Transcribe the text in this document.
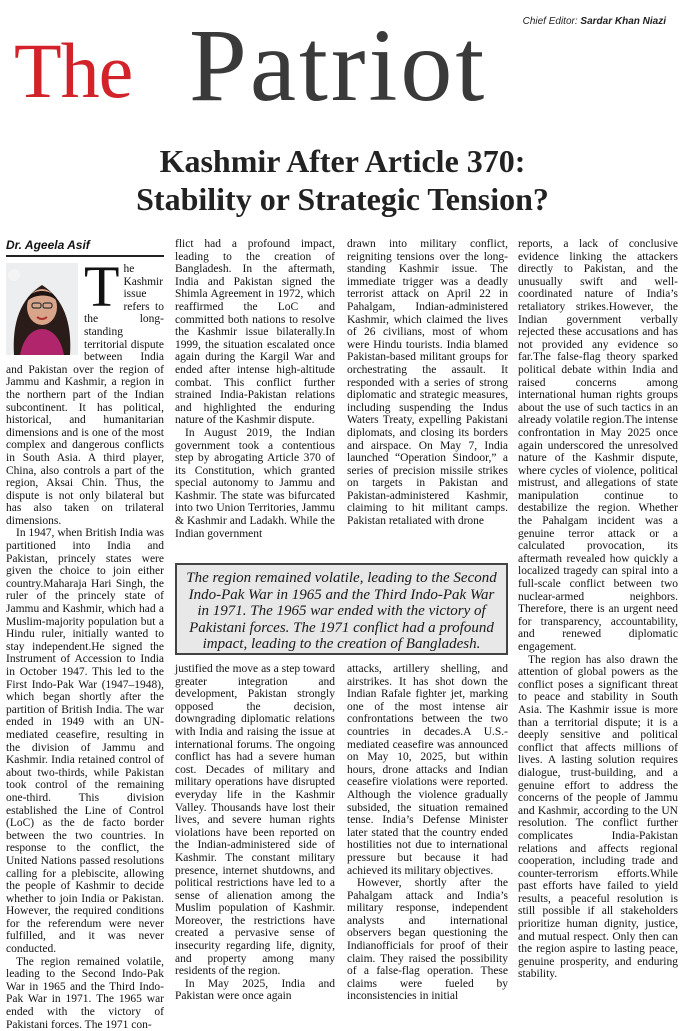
The Patriot	Chief Editor: Sardar Khan Niazi
Kashmir After Article 370:
Stability or Strategic Tension?
Dr. Ageela Asif
T he Kashmir issue refers to the long-standing territorial dispute between India and Pakistan over the region of Jammu and Kashmir, a region in the northern part of the Indian subcontinent. It has political, historical, and humanitarian dimensions and is one of the most complex and dangerous conflicts in South Asia. A third player, China, also controls a part of the region, Aksai Chin. Thus, the dispute is not only bilateral but has also taken on trilateral dimensions.

In 1947, when British India was partitioned into India and Pakistan, princely states were given the choice to join either country.Maharaja Hari Singh, the ruler of the princely state of Jammu and Kashmir, which had a Muslim-majority population but a Hindu ruler, initially wanted to stay independent.He signed the Instrument of Accession to India in October 1947. This led to the First Indo-Pak War (1947–1948), which began shortly after the partition of British India. The war ended in 1949 with an UN-mediated ceasefire, resulting in the division of Jammu and Kashmir. India retained control of about two-thirds, while Pakistan took control of the remaining one-third. This division established the Line of Control (LoC) as the de facto border between the two countries. In response to the conflict, the United Nations passed resolutions calling for a plebiscite, allowing the people of Kashmir to decide whether to join India or Pakistan. However, the required conditions for the referendum were never fulfilled, and it was never conducted.

The region remained volatile, leading to the Second Indo-Pak War in 1965 and the Third Indo-Pak War in 1971. The 1965 war ended with the victory of Pakistani forces. The 1971 con-

flict had a profound impact, leading to the creation of Bangladesh. In the aftermath, India and Pakistan signed the Shimla Agreement in 1972, which reaffirmed the LoC and committed both nations to resolve the Kashmir issue bilaterally.In 1999, the situation escalated once again during the Kargil War and ended after intense high-altitude combat. This conflict further strained India-Pakistan relations and highlighted the enduring nature of the Kashmir dispute.

In August 2019, the Indian government took a contentious step by abrogating Article 370 of its Constitution, which granted special autonomy to Jammu and Kashmir. The state was bifurcated into two Union Territories, Jammu & Kashmir and Ladakh. While the Indian government

drawn into military conflict, reigniting tensions over the long-standing Kashmir issue. The immediate trigger was a deadly terrorist attack on April 22 in Pahalgam, Indian-administered Kashmir, which claimed the lives of 26 civilians, most of whom were Hindu tourists. India blamed Pakistan-based militant groups for orchestrating the assault. It responded with a series of strong diplomatic and strategic measures, including suspending the Indus Waters Treaty, expelling Pakistani diplomats, and closing its borders and airspace. On May 7, India launched “Operation Sindoor,” a series of precision missile strikes on targets in Pakistan and Pakistan-administered Kashmir, claiming to hit militant camps. Pakistan retaliated with drone

The region remained volatile, leading to the Second Indo-Pak War in 1965 and the Third Indo-Pak War in 1971. The 1965 war ended with the victory of Pakistani forces. The 1971 conflict had a profound impact, leading to the creation of Bangladesh.

justified the move as a step toward greater integration and development, Pakistan strongly opposed the decision, downgrading diplomatic relations with India and raising the issue at international forums. The ongoing conflict has had a severe human cost. Decades of military and military operations have disrupted everyday life in the Kashmir Valley. Thousands have lost their lives, and severe human rights violations have been reported on the Indian-administered side of Kashmir. The constant military presence, internet shutdowns, and political restrictions have led to a sense of alienation among the Muslim population of Kashmir. Moreover, the restrictions have created a pervasive sense of insecurity regarding life, dignity, and property among many residents of the region.

In May 2025, India and Pakistan were once again

attacks, artillery shelling, and airstrikes. It has shot down the Indian Rafale fighter jet, marking one of the most intense air confrontations between the two countries in decades.A U.S.-mediated ceasefire was announced on May 10, 2025, but within hours, drone attacks and Indian ceasefire violations were reported. Although the violence gradually subsided, the situation remained tense. India’s Defense Minister later stated that the country ended hostilities not due to international pressure but because it had achieved its military objectives.

However, shortly after the Pahalgam attack and India’s military response, independent analysts and international observers began questioning the Indianofficials for proof of their claim. They raised the possibility of a false-flag operation. These claims were fueled by inconsistencies in initial

reports, a lack of conclusive evidence linking the attackers directly to Pakistan, and the unusually swift and well-coordinated nature of India’s retaliatory strikes.However, the Indian government verbally rejected these accusations and has not provided any evidence so far.The false-flag theory sparked political debate within India and raised concerns among international human rights groups about the use of such tactics in an already volatile region.The intense confrontation in May 2025 once again underscored the unresolved nature of the Kashmir dispute, where cycles of violence, political mistrust, and allegations of state manipulation continue to destabilize the region. Whether the Pahalgam incident was a genuine terror attack or a calculated provocation, its aftermath revealed how quickly a localized tragedy can spiral into a full-scale conflict between two nuclear-armed neighbors. Therefore, there is an urgent need for transparency, accountability, and renewed diplomatic engagement.

The region has also drawn the attention of global powers as the conflict poses a significant threat to peace and stability in South Asia. The Kashmir issue is more than a territorial dispute; it is a deeply sensitive and political conflict that affects millions of lives. A lasting solution requires dialogue, trust-building, and a genuine effort to address the concerns of the people of Jammu and Kashmir, according to the UN resolution. The conflict further complicates India-Pakistan relations and affects regional cooperation, including trade and counter-terrorism efforts.While past efforts have failed to yield results, a peaceful resolution is still possible if all stakeholders prioritize human dignity, justice, and mutual respect. Only then can the region aspire to lasting peace, genuine prosperity, and enduring stability.
